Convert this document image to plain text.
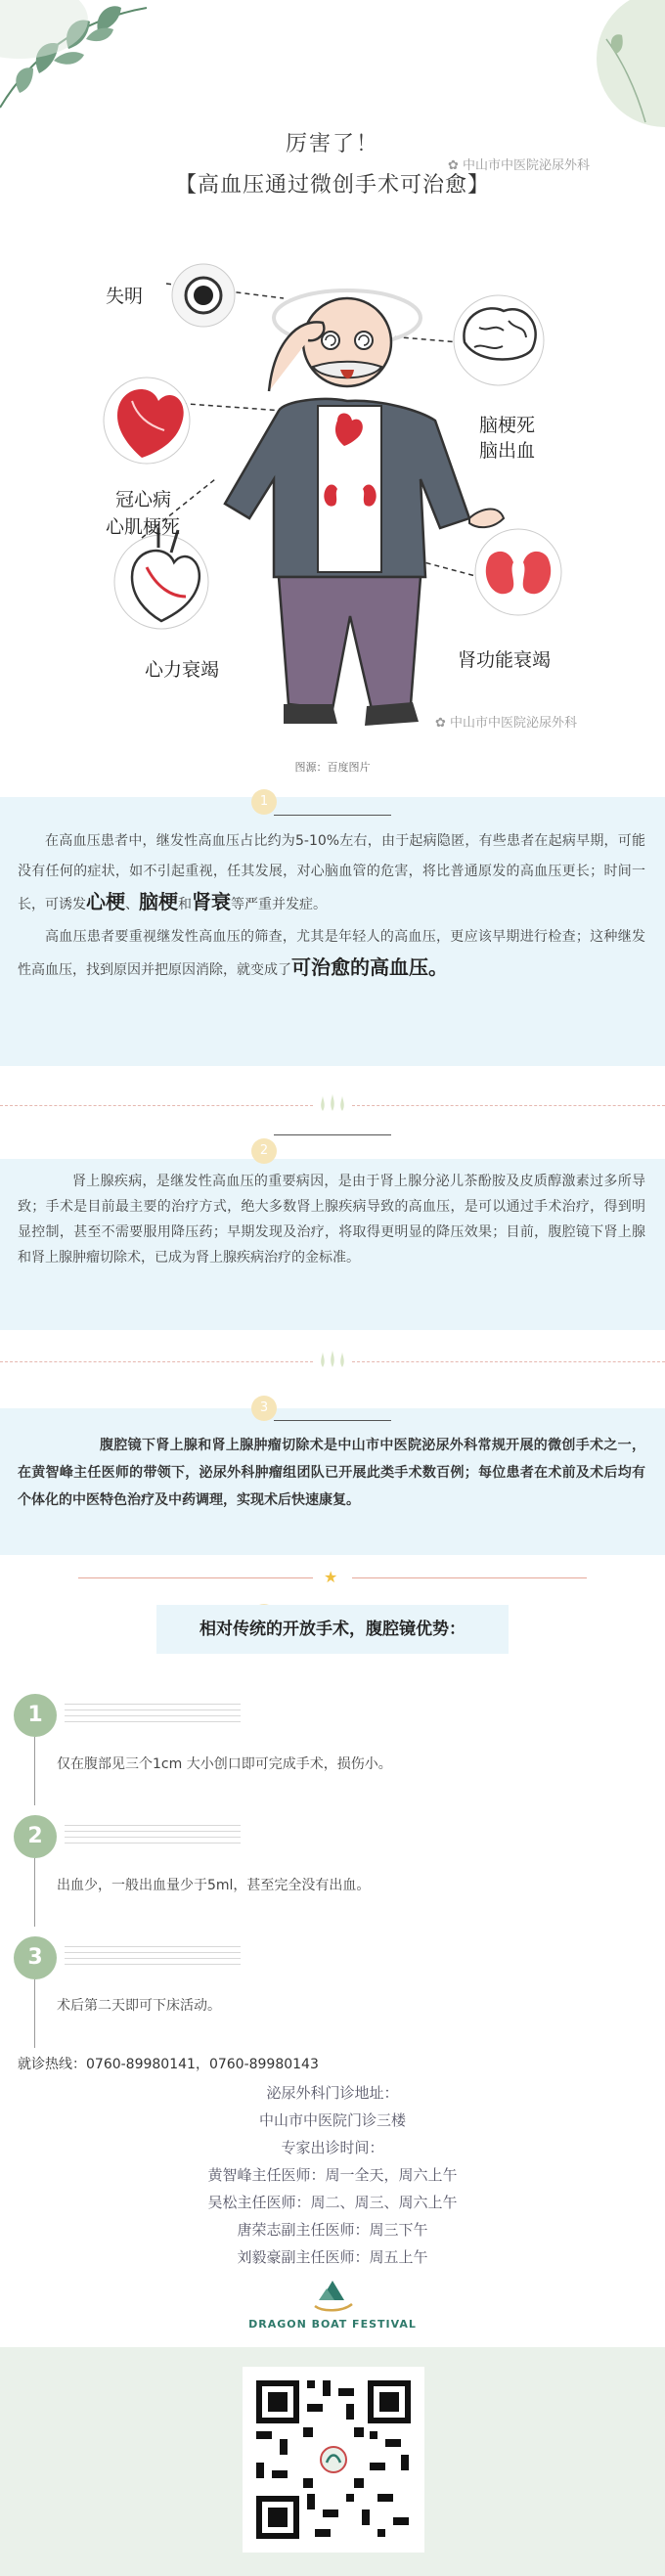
厉害了！
【高血压通过微创手术可治愈】
✿ 中山市中医院泌尿外科
失明
脑梗死
脑出血
冠心病
心肌梗死
心力衰竭	肾功能衰竭
✿ 中山市中医院泌尿外科
图源：百度图片
1

在高血压患者中，继发性高血压占比约为5-10%左右，由于起病隐匿，有些患者在起病早期，可能没有任何的症状，如不引起重视，任其发展，对心脑血管的危害，将比普通原发的高血压更长；时间一长，可诱发心梗、脑梗和肾衰等严重并发症。

高血压患者要重视继发性高血压的筛查，尤其是年轻人的高血压，更应该早期进行检查；这种继发性高血压，找到原因并把原因消除，就变成了可治愈的高血压。

2

肾上腺疾病，是继发性高血压的重要病因，是由于肾上腺分泌儿茶酚胺及皮质醇激素过多所导致；手术是目前最主要的治疗方式，绝大多数肾上腺疾病导致的高血压，是可以通过手术治疗，得到明显控制，甚至不需要服用降压药；早期发现及治疗，将取得更明显的降压效果；目前，腹腔镜下肾上腺和肾上腺肿瘤切除术，已成为肾上腺疾病治疗的金标准。

3

腹腔镜下肾上腺和肾上腺肿瘤切除术是中山市中医院泌尿外科常规开展的微创手术之一，在黄智峰主任医师的带领下，泌尿外科肿瘤组团队已开展此类手术数百例；每位患者在术前及术后均有个体化的中医特色治疗及中药调理，实现术后快速康复。

★
相对传统的开放手术，腹腔镜优势：
1
仅在腹部见三个1cm 大小创口即可完成手术，损伤小。
2
出血少，一般出血量少于5ml，甚至完全没有出血。
3
术后第二天即可下床活动。
就诊热线：0760-89980141，0760-89980143
泌尿外科门诊地址：
中山市中医院门诊三楼
专家出诊时间：
黄智峰主任医师：周一全天，周六上午
吴松主任医师：周二、周三、周六上午
唐荣志副主任医师：周三下午
刘毅豪副主任医师：周五上午
DRAGON BOAT FESTIVAL
